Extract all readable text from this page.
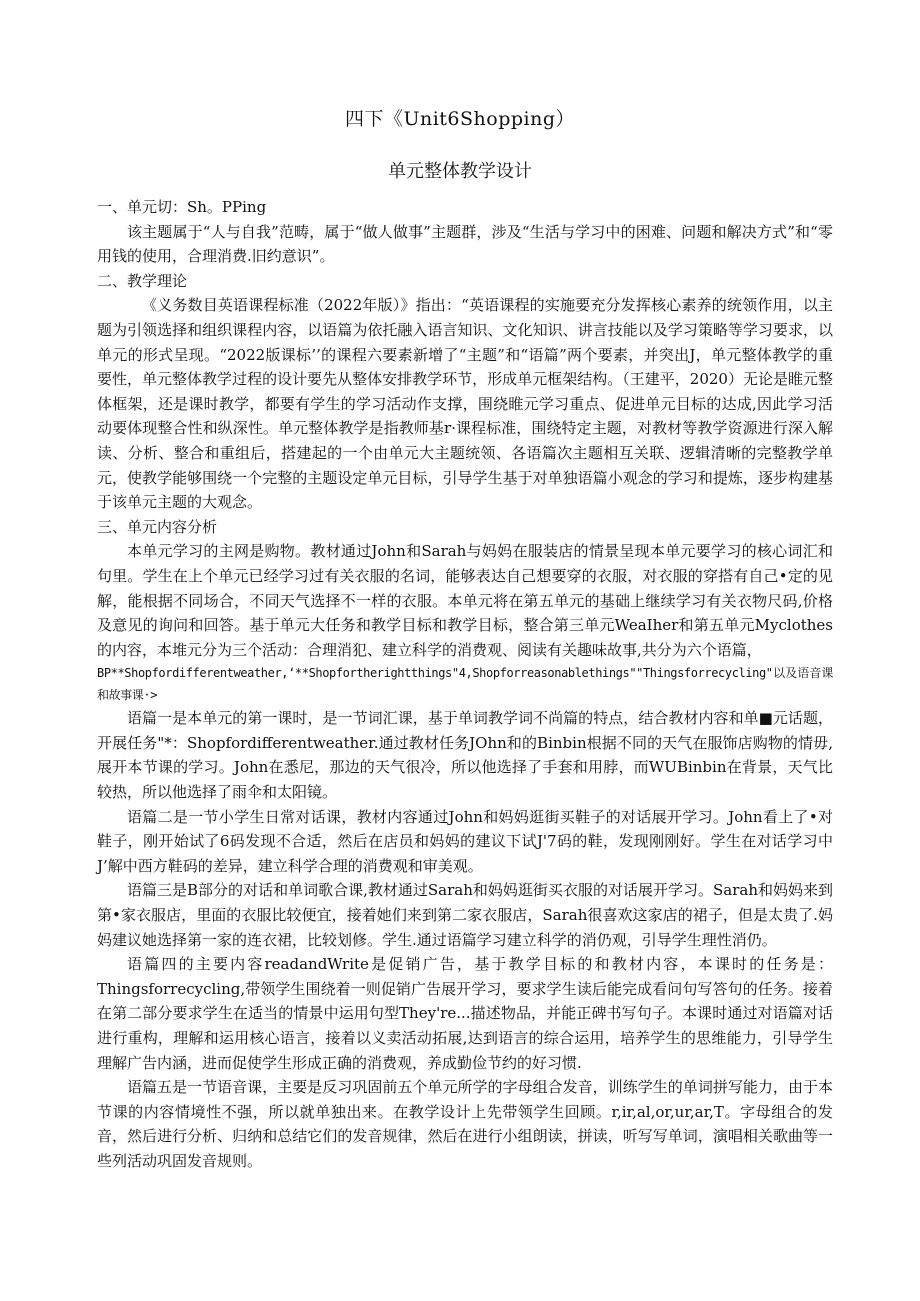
四下《Unit6Shopping）
单元整体教学设计

一、单元切：Sh。PPing

该主题属于“人与自我”范畴，属于“做人做事”主题群，涉及“生活与学习中的困难、问题和解决方式”和“零用钱的使用，合理消费.旧约意识”。

二、教学理论

《义务数目英语课程标准（2022年版）》指出：“英语课程的实施要充分发挥核心素养的统领作用，以主题为引领选择和组织课程内容，以语篇为依托融入语言知识、文化知识、讲言技能以及学习策略等学习要求，以单元的形式呈现。“2022版课标’’的课程六要素新增了“主题”和“语篇”两个要素，并突出J，单元整体教学的重要性，单元整体教学过程的设计要先从整体安排教学环节，形成单元框架结构。（王建平，2020）无论是睢元整体框架，还是课时教学，都要有学生的学习活动作支撑，围绕睢元学习重点、促进单元目标的达成,因此学习活动要体现整合性和纵深性。单元整体教学是指教师基r·课程标准，围绕特定主题，对教材等教学资源进行深入解读、分析、整合和重组后，搭建起的一个由单元大主题统领、各语篇次主题相互关联、逻辑清晰的完整教学单元，使教学能够围绕一个完整的主题设定单元目标，引导学生基于对单独语篇小观念的学习和提炼，逐步构建基于该单元主题的大观念。

三、单元内容分析

本单元学习的主网是购物。教材通过John和Sarah与妈妈在服装店的情景呈现本单元要学习的核心词汇和句里。学生在上个单元已经学习过有关衣服的名词，能够表达自己想要穿的衣服，对衣服的穿搭有自己•定的见解，能根据不同场合，不同天气选择不一样的衣服。本单元将在第五单元的基础上继续学习有关衣物尺码,价格及意见的询问和回答。基于单元大任务和教学目标和教学目标，整合第三单元WeaIher和第五单元Myclothes的内容，本堆元分为三个活动：合理消犯、建立科学的消费观、阅读有关趣味故事,共分为六个语篇，

BP**Shopfordifferentweather,‘**Shopfortherightthings"4,Shopforreasonablethings""Thingsforrecycling"以及语音课和故事课·>

语篇一是本单元的第一课时，是一节词汇课，基于单词教学词不尚篇的特点，结合教材内容和单■元话题，开展任务"*：Shopfordifferentweather.通过教材任务JOhn和的Binbin根据不同的天气在服饰店购物的情毋,展开本节课的学习。John在悉尼，那边的天气很冷，所以他选择了手套和用脖，而WUBinbin在背景，天气比较热，所以他选择了雨伞和太阳镜。

语篇二是一节小学生日常对话课，教材内容通过John和妈妈逛街买鞋子的对话展开学习。John看上了•对鞋子，刚开始试了6码发现不合适，然后在店员和妈妈的建议下试J'7码的鞋，发现刚刚好。学生在对话学习中J’解中西方鞋码的差异，建立科学合理的消费观和审美观。

语篇三是B部分的对话和单词歌合课,教材通过Sarah和妈妈逛街买衣服的对话展开学习。Sarah和妈妈来到第•家衣服店，里面的衣服比较便宜，接着她们来到第二家衣服店，Sarah很喜欢这家店的裙子，但是太贵了.妈妈建议她选择第一家的连衣裙，比较划修。学生.通过语篇学习建立科学的消仍观，引导学生理性消仍。

语篇四的主要内容readandWrite是促销广告，基于教学目标的和教材内容，本课时的任务是：Thingsforrecycling,带领学生围绕着一则促销广告展开学习，要求学生读后能完成看问句写答句的任务。接着在第二部分要求学生在适当的情景中运用句型They're...描述物品，并能正碑书写句子。本课时通过对语篇对话进行重构，理解和运用核心语言，接着以义卖活动拓展,达到语言的综合运用，培养学生的思维能力，引导学生理解广告内涵，进而促使学生形成正确的消费观，养成勤俭节约的好习惯.

语篇五是一节语音课，主要是反习巩固前五个单元所学的字母组合发音，训练学生的单词拼写能力，由于本节课的内容情境性不强，所以就单独出来。在教学设计上先带领学生回顾。r,ir,al,or,ur,ar,T。字母组合的发音，然后进行分析、归纳和总结它们的发音规律，然后在进行小组朗读，拼读，听写写单词，演唱相关歌曲等一些列活动巩固发音规则。
